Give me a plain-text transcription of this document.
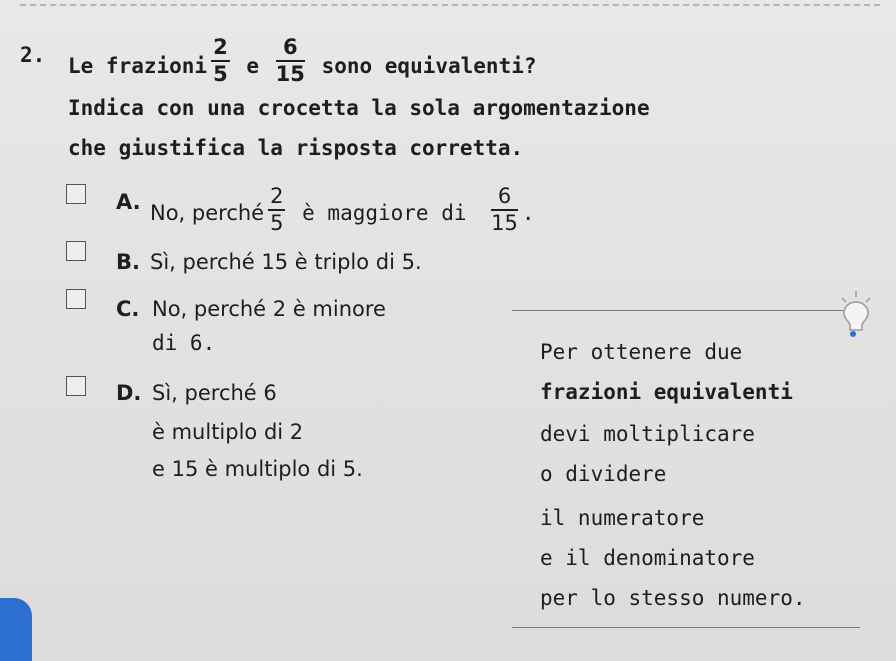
2. Le frazioni $\frac{2}{5}$ e $\frac{6}{15}$ sono equivalenti?
Indica con una crocetta la sola argomentazione
che giustifica la risposta corretta.
A. No, perché $\frac{2}{5}$ è maggiore di $\frac{6}{15}$ .
B. Sì, perché 15 è triplo di 5.
C. No, perché 2 è minore
di 6.
D. Sì, perché 6
è multiplo di 2
e 15 è multiplo di 5.
Per ottenere due
frazioni equivalenti
devi moltiplicare
o dividere
il numeratore
e il denominatore
per lo stesso numero.
